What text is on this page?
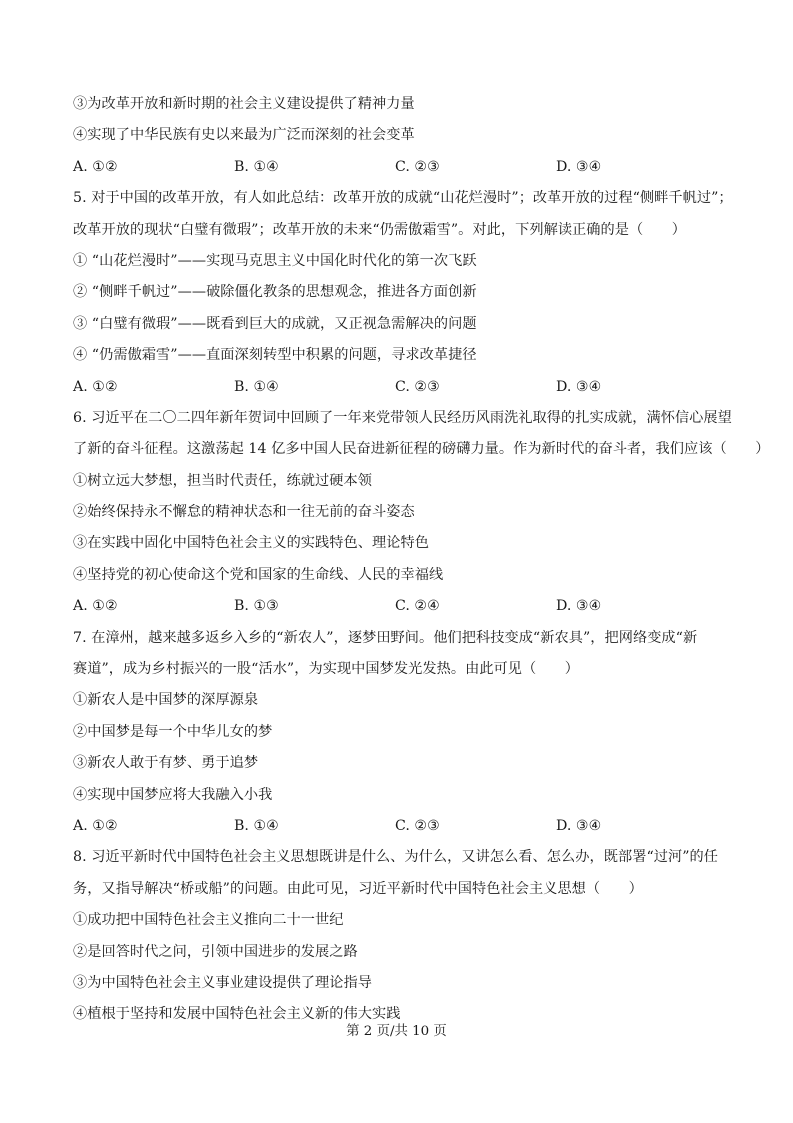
③为改革开放和新时期的社会主义建设提供了精神力量
④实现了中华民族有史以来最为广泛而深刻的社会变革
A. ①②	B. ①④	C. ②③	D. ③④
5. 对于中国的改革开放，有人如此总结：改革开放的成就“山花烂漫时”；改革开放的过程“侧畔千帆过”；
改革开放的现状“白璧有微瑕”；改革开放的未来“仍需傲霜雪”。对此，下列解读正确的是（　　）
① “山花烂漫时”——实现马克思主义中国化时代化的第一次飞跃
② “侧畔千帆过”——破除僵化教条的思想观念，推进各方面创新
③ “白璧有微瑕”——既看到巨大的成就，又正视急需解决的问题
④ “仍需傲霜雪”——直面深刻转型中积累的问题，寻求改革捷径
A. ①②	B. ①④	C. ②③	D. ③④
6. 习近平在二〇二四年新年贺词中回顾了一年来党带领人民经历风雨洗礼取得的扎实成就，满怀信心展望
了新的奋斗征程。这激荡起 14 亿多中国人民奋进新征程的磅礴力量。作为新时代的奋斗者，我们应该（　　）
①树立远大梦想，担当时代责任，练就过硬本领
②始终保持永不懈怠的精神状态和一往无前的奋斗姿态
③在实践中固化中国特色社会主义的实践特色、理论特色
④坚持党的初心使命这个党和国家的生命线、人民的幸福线
A. ①②	B. ①③	C. ②④	D. ③④
7. 在漳州，越来越多返乡入乡的“新农人”，逐梦田野间。他们把科技变成“新农具”，把网络变成“新
赛道”，成为乡村振兴的一股“活水”，为实现中国梦发光发热。由此可见（　　）
①新农人是中国梦的深厚源泉
②中国梦是每一个中华儿女的梦
③新农人敢于有梦、勇于追梦
④实现中国梦应将大我融入小我
A. ①②	B. ①④	C. ②③	D. ③④
8. 习近平新时代中国特色社会主义思想既讲是什么、为什么，又讲怎么看、怎么办，既部署“过河”的任
务，又指导解决“桥或船”的问题。由此可见，习近平新时代中国特色社会主义思想（　　）
①成功把中国特色社会主义推向二十一世纪
②是回答时代之问，引领中国进步的发展之路
③为中国特色社会主义事业建设提供了理论指导
④植根于坚持和发展中国特色社会主义新的伟大实践
第 2 页/共 10 页
